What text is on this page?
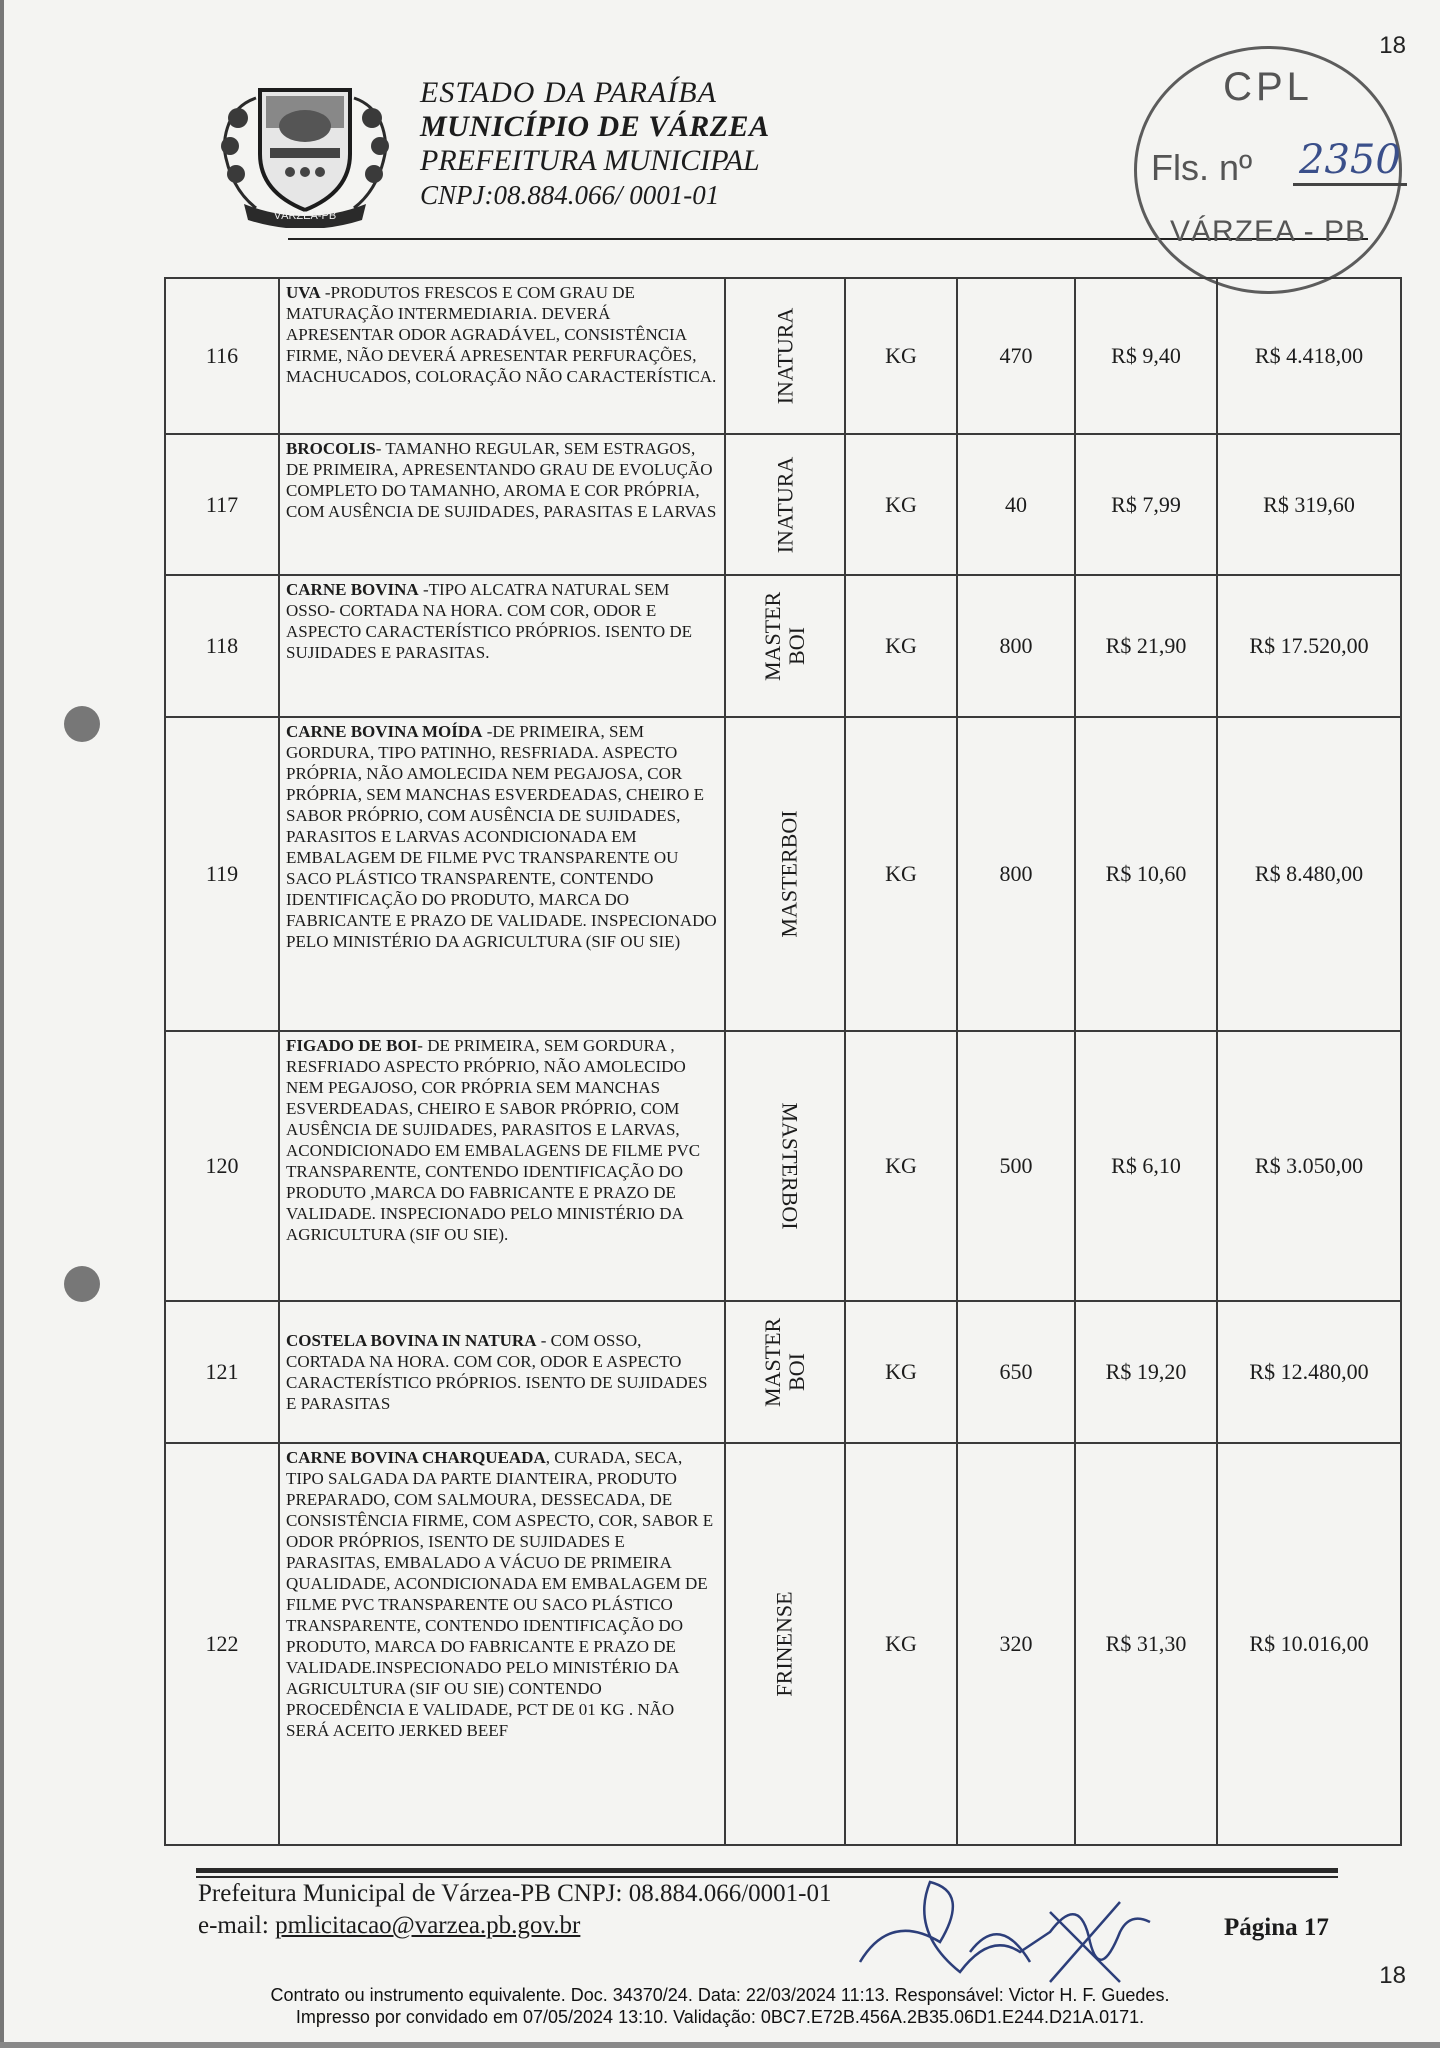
18
VÁRZEA-PB
ESTADO DA PARAÍBA
MUNICÍPIO DE VÁRZEA
PREFEITURA MUNICIPAL
CNPJ:08.884.066/ 0001-01
CPL
Fls. nº 2350
VÁRZEA - PB
116	UVA -PRODUTOS FRESCOS E COM GRAU DE MATURAÇÃO INTERMEDIARIA. DEVERÁ APRESENTAR ODOR AGRADÁVEL, CONSISTÊNCIA FIRME, NÃO DEVERÁ APRESENTAR PERFURAÇÕES, MACHUCADOS, COLORAÇÃO NÃO CARACTERÍSTICA.	INATURA	KG	470	R$ 9,40	R$ 4.418,00
117	BROCOLIS- TAMANHO REGULAR, SEM ESTRAGOS, DE PRIMEIRA, APRESENTANDO GRAU DE EVOLUÇÃO COMPLETO DO TAMANHO, AROMA E COR PRÓPRIA, COM AUSÊNCIA DE SUJIDADES, PARASITAS E LARVAS	INATURA	KG	40	R$ 7,99	R$ 319,60
118	CARNE BOVINA -TIPO ALCATRA NATURAL SEM OSSO- CORTADA NA HORA. COM COR, ODOR E ASPECTO CARACTERÍSTICO PRÓPRIOS. ISENTO DE SUJIDADES E PARASITAS.	MASTER BOI	KG	800	R$ 21,90	R$ 17.520,00
119	CARNE BOVINA MOÍDA -DE PRIMEIRA, SEM GORDURA, TIPO PATINHO, RESFRIADA. ASPECTO PRÓPRIA, NÃO AMOLECIDA NEM PEGAJOSA, COR PRÓPRIA, SEM MANCHAS ESVERDEADAS, CHEIRO E SABOR PRÓPRIO, COM AUSÊNCIA DE SUJIDADES, PARASITOS E LARVAS ACONDICIONADA EM EMBALAGEM DE FILME PVC TRANSPARENTE OU SACO PLÁSTICO TRANSPARENTE, CONTENDO IDENTIFICAÇÃO DO PRODUTO, MARCA DO FABRICANTE E PRAZO DE VALIDADE. INSPECIONADO PELO MINISTÉRIO DA AGRICULTURA (SIF OU SIE)	MASTERBOI	KG	800	R$ 10,60	R$ 8.480,00
120	FIGADO DE BOI- DE PRIMEIRA, SEM GORDURA , RESFRIADO ASPECTO PRÓPRIO, NÃO AMOLECIDO NEM PEGAJOSO, COR PRÓPRIA SEM MANCHAS ESVERDEADAS, CHEIRO E SABOR PRÓPRIO, COM AUSÊNCIA DE SUJIDADES, PARASITOS E LARVAS, ACONDICIONADO EM EMBALAGENS DE FILME PVC TRANSPARENTE, CONTENDO IDENTIFICAÇÃO DO PRODUTO ,MARCA DO FABRICANTE E PRAZO DE VALIDADE. INSPECIONADO PELO MINISTÉRIO DA AGRICULTURA (SIF OU SIE).	MASTERBOI	KG	500	R$ 6,10	R$ 3.050,00
121	COSTELA BOVINA IN NATURA - COM OSSO, CORTADA NA HORA. COM COR, ODOR E ASPECTO CARACTERÍSTICO PRÓPRIOS. ISENTO DE SUJIDADES E PARASITAS	MASTER BOI	KG	650	R$ 19,20	R$ 12.480,00
122	CARNE BOVINA CHARQUEADA, CURADA, SECA, TIPO SALGADA DA PARTE DIANTEIRA, PRODUTO PREPARADO, COM SALMOURA, DESSECADA, DE CONSISTÊNCIA FIRME, COM ASPECTO, COR, SABOR E ODOR PRÓPRIOS, ISENTO DE SUJIDADES E PARASITAS, EMBALADO A VÁCUO DE PRIMEIRA QUALIDADE, ACONDICIONADA EM EMBALAGEM DE FILME PVC TRANSPARENTE OU SACO PLÁSTICO TRANSPARENTE, CONTENDO IDENTIFICAÇÃO DO PRODUTO, MARCA DO FABRICANTE E PRAZO DE VALIDADE.INSPECIONADO PELO MINISTÉRIO DA AGRICULTURA (SIF OU SIE) CONTENDO PROCEDÊNCIA E VALIDADE, PCT DE 01 KG . NÃO SERÁ ACEITO JERKED BEEF	FRINENSE	KG	320	R$ 31,30	R$ 10.016,00
Prefeitura Municipal de Várzea-PB CNPJ: 08.884.066/0001-01
e-mail: pmlicitacao@varzea.pb.gov.br	Página 17
18
Contrato ou instrumento equivalente. Doc. 34370/24. Data: 22/03/2024 11:13. Responsável: Victor H. F. Guedes.
Impresso por convidado em 07/05/2024 13:10. Validação: 0BC7.E72B.456A.2B35.06D1.E244.D21A.0171.
